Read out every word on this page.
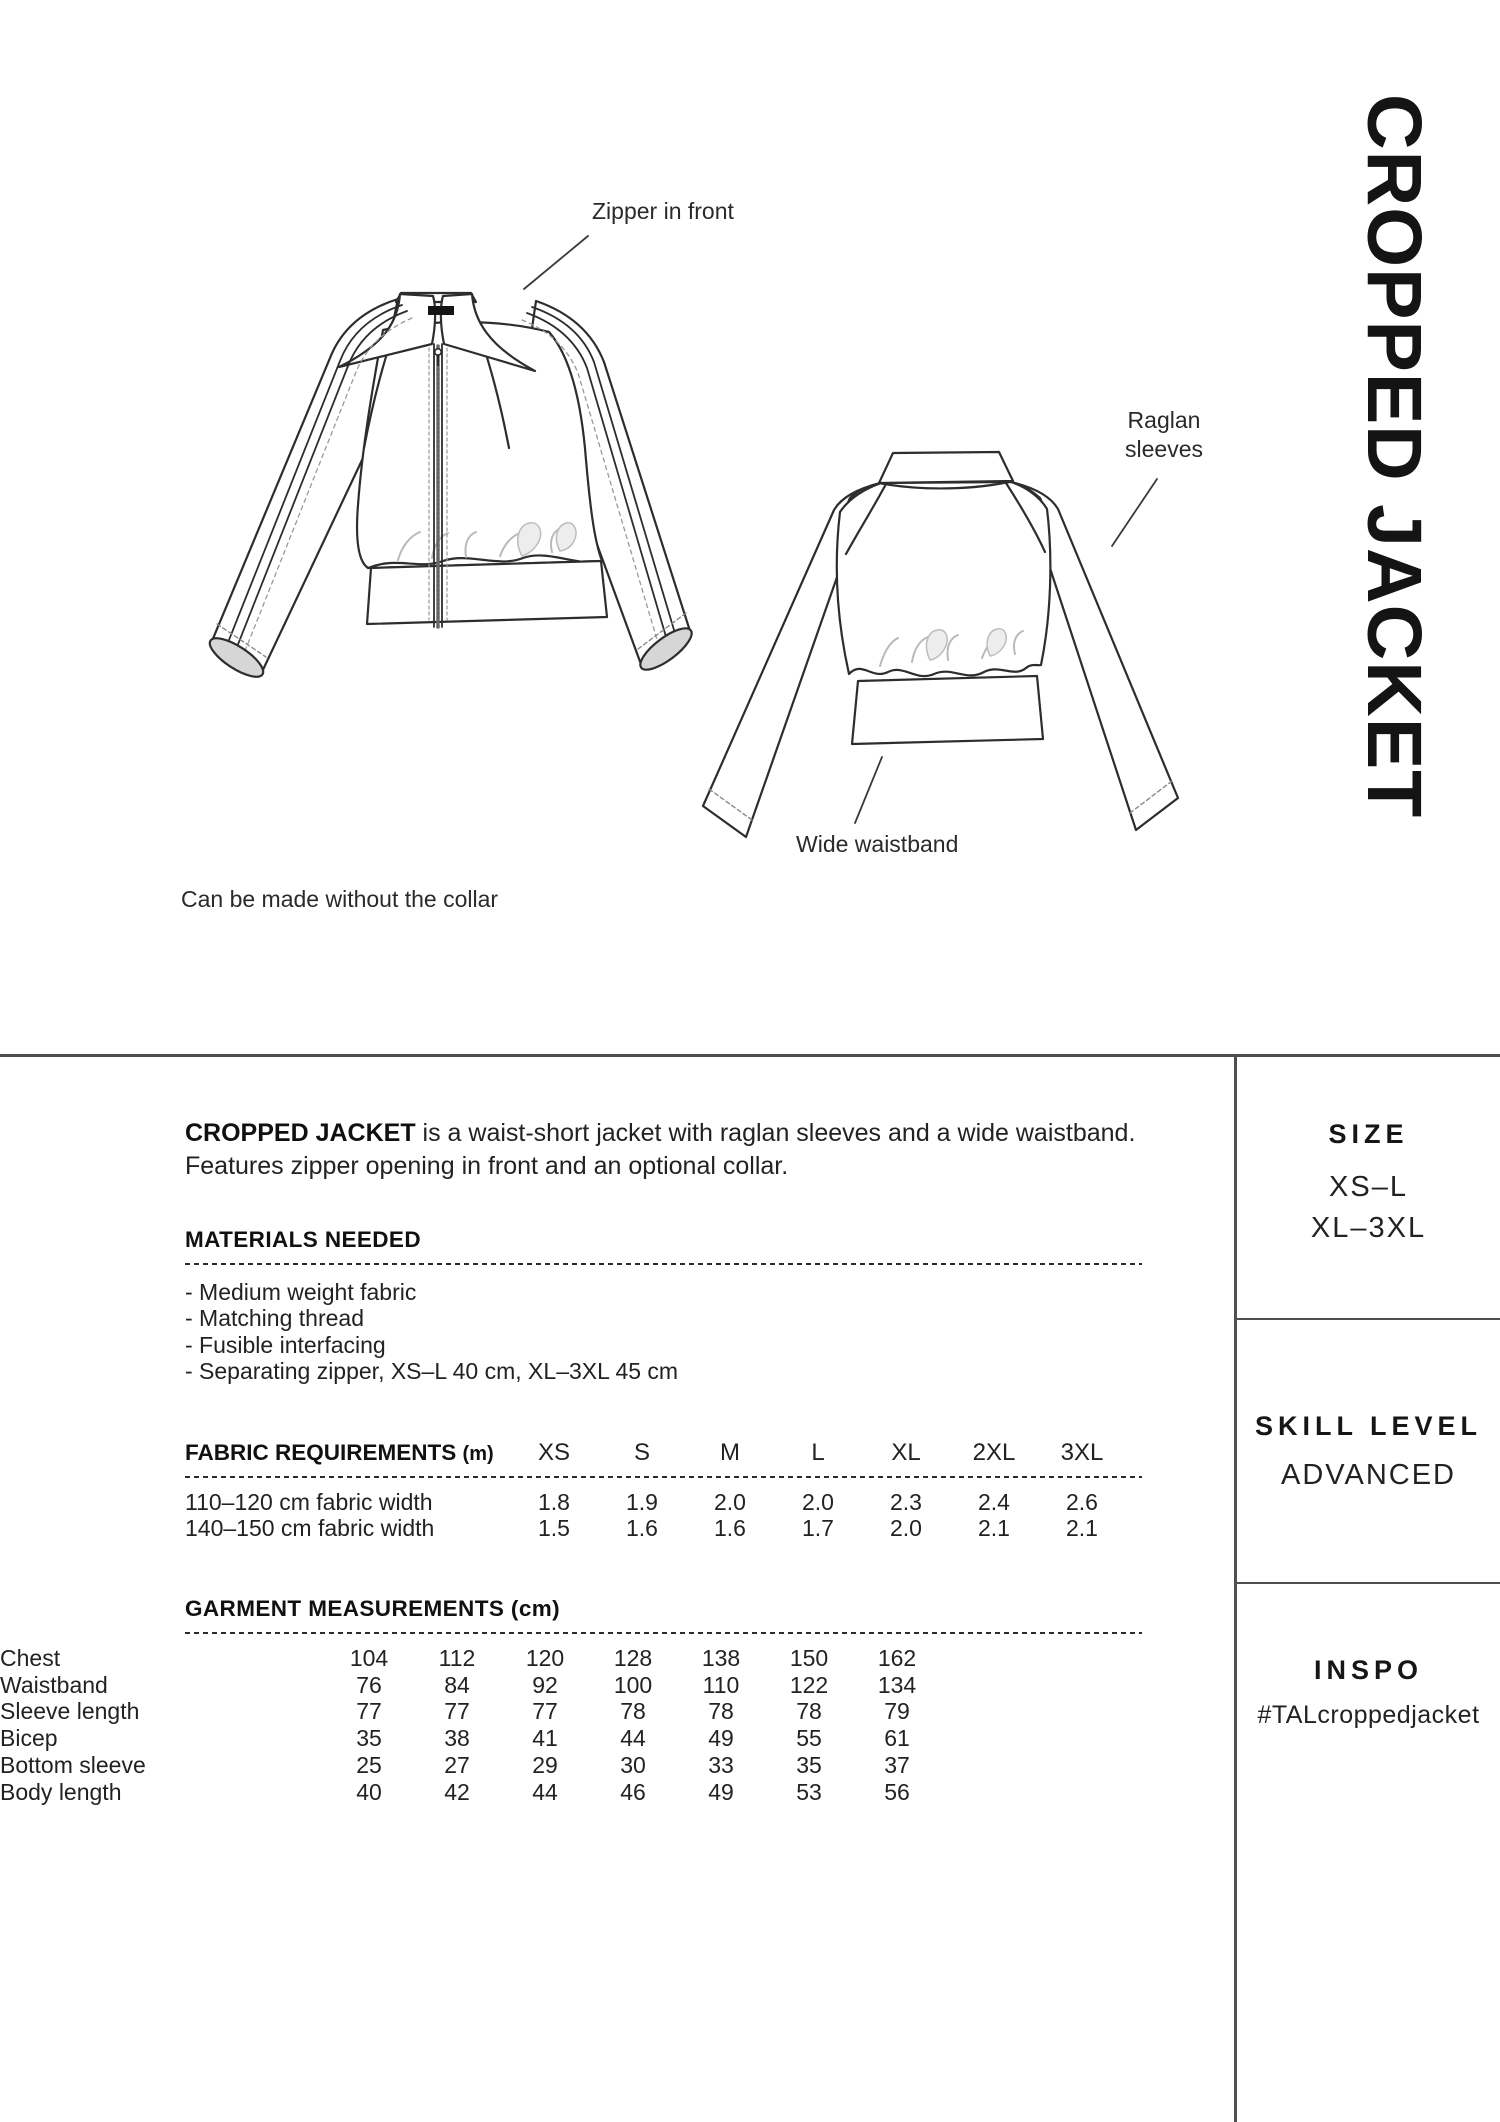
Zipper in front
Raglan
sleeves
Wide waistband
Can be made without the collar
CROPPED JACKET
CROPPED JACKET is a waist-short jacket with raglan sleeves and a wide waistband.
Features zipper opening in front and an optional collar.
MATERIALS NEEDED
- Medium weight fabric
- Matching thread
- Fusible interfacing
- Separating zipper, XS–L 40 cm, XL–3XL 45 cm
FABRIC REQUIREMENTS (m)	XS	S	M	L	XL	2XL	3XL
110–120 cm fabric width	1.8	1.9	2.0	2.0	2.3	2.4	2.6
140–150 cm fabric width	1.5	1.6	1.6	1.7	2.0	2.1	2.1
GARMENT MEASUREMENTS (cm)
Chest	104	112	120	128	138	150	162
Waistband	76	84	92	100	110	122	134
Sleeve length	77	77	77	78	78	78	79
Bicep	35	38	41	44	49	55	61
Bottom sleeve	25	27	29	30	33	35	37
Body length	40	42	44	46	49	53	56
SIZE
XS–L
XL–3XL
SKILL LEVEL
ADVANCED
INSPO
#TALcroppedjacket
